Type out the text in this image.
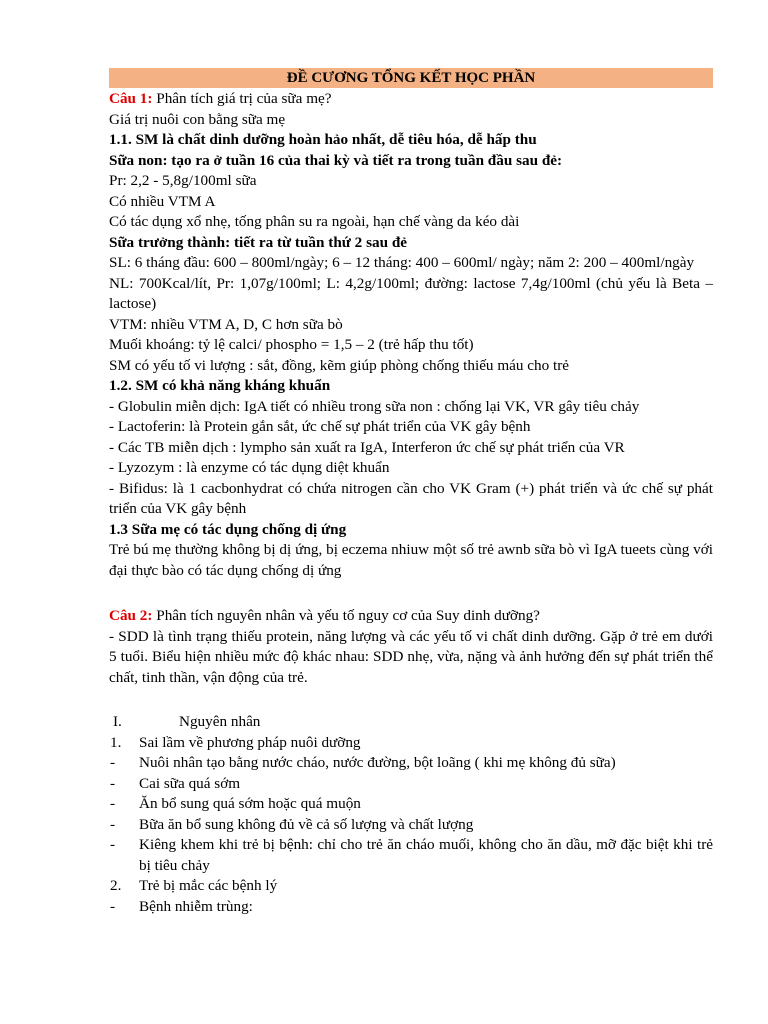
ĐỀ CƯƠNG TỔNG KẾT HỌC PHẦN

Câu 1: Phân tích giá trị của sữa mẹ?

Giá trị nuôi con bằng sữa mẹ

1.1. SM là chất dinh dưỡng hoàn hảo nhất, dễ tiêu hóa, dễ hấp thu

Sữa non: tạo ra ở tuần 16 của thai kỳ và tiết ra trong tuần đầu sau đẻ:

Pr: 2,2 - 5,8g/100ml sữa

Có nhiều VTM A

Có tác dụng xổ nhẹ, tống phân su ra ngoài, hạn chế vàng da kéo dài

Sữa trưởng thành: tiết ra từ tuần thứ 2 sau đẻ

SL: 6 tháng đầu: 600 – 800ml/ngày; 6 – 12 tháng: 400 – 600ml/ ngày; năm 2: 200 – 400ml/ngày

NL: 700Kcal/lít, Pr: 1,07g/100ml; L: 4,2g/100ml; đường: lactose 7,4g/100ml (chủ yếu là Beta – lactose)

VTM: nhiều VTM A, D, C hơn sữa bò

Muối khoáng: tỷ lệ calci/ phospho = 1,5 – 2 (trẻ hấp thu tốt)

SM có yếu tố vi lượng : sắt, đồng, kẽm giúp phòng chống thiếu máu cho trẻ

1.2. SM có khả năng kháng khuẩn

- Globulin miễn dịch: IgA tiết có nhiều trong sữa non : chống lại VK, VR gây tiêu chảy

- Lactoferin: là Protein gắn sắt, ức chế sự phát triển của VK gây bệnh

- Các TB miễn dịch : lympho sản xuất ra IgA, Interferon ức chế sự phát triển của VR

- Lyzozym : là enzyme có tác dụng diệt khuẩn

- Bifidus: là 1 cacbonhydrat có chứa nitrogen cần cho VK Gram (+) phát triển và ức chế sự phát triển của VK gây bệnh

1.3 Sữa mẹ có tác dụng chống dị ứng

Trẻ bú mẹ thường không bị dị ứng, bị eczema nhiuw một số trẻ awnb sữa bò vì IgA tueets cùng với đại thực bào có tác dụng chống dị ứng

Câu 2: Phân tích nguyên nhân và yếu tố nguy cơ của Suy dinh dưỡng?

- SDD là tình trạng thiếu protein, năng lượng và các yếu tố vi chất dinh dưỡng. Gặp ở trẻ em dưới 5 tuổi. Biểu hiện nhiều mức độ khác nhau: SDD nhẹ, vừa, nặng và ảnh hưởng đến sự phát triển thể chất, tinh thần, vận động của trẻ.

I.	Nguyên nhân
1. Sai lầm về phương pháp nuôi dưỡng
- Nuôi nhân tạo bằng nước cháo, nước đường, bột loãng ( khi mẹ không đủ sữa)
- Cai sữa quá sớm
- Ăn bổ sung quá sớm hoặc quá muộn
- Bữa ăn bổ sung không đủ về cả số lượng và chất lượng
- Kiêng khem khi trẻ bị bệnh: chỉ cho trẻ ăn cháo muối, không cho ăn dầu, mỡ đặc biệt khi trẻ bị tiêu chảy
2. Trẻ bị mắc các bệnh lý
- Bệnh nhiễm trùng:
